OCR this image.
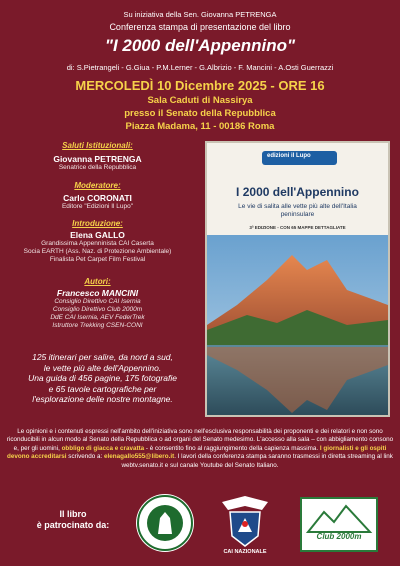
Su iniziativa della Sen. Giovanna PETRENGA
Conferenza stampa di presentazione del libro
"I 2000 dell'Appennino"
di: S.Pietrangeli - G.Giua - P.M.Lerner - G.Albrizio - F. Mancini - A.Osti Guerrazzi
MERCOLEDÌ 10 Dicembre 2025 - ORE 16
Sala Caduti di Nassirya
presso il Senato della Repubblica
Piazza Madama, 11 - 00186 Roma
Saluti Istituzionali:
Giovanna PETRENGA
Senatrice della Repubblica
Moderatore:
Carlo CORONATI
Editore "Edizioni Il Lupo"
Introduzione:
Elena GALLO
Grandissima Appenninista CAI Caserta
Socia EARTH (Ass. Naz. di Protezione Ambientale)
Finalista Pet Carpet Film Festival
Autori:
Francesco MANCINI
Consiglio Direttivo CAI Isernia
Consiglio Direttivo Club 2000m
DdE CAI Isernia, AEV FederTrek
Istruttore Trekking CSEN-CONI
edizioni il Lupo
I 2000 dell'Appennino
Le vie di salita alle vette più alte dell'Italia peninsulare
3ª EDIZIONE - CON 65 MAPPE DETTAGLIATE
125 itinerari per salire, da nord a sud,
le vette più alte dell'Appennino.
Una guida di 456 pagine, 175 fotografie
e 65 tavole cartografiche per
l'esplorazione delle nostre montagne.
Le opinioni e i contenuti espressi nell'ambito dell'iniziativa sono nell'esclusiva responsabilità dei proponenti e dei relatori e non sono riconducibili in alcun modo al Senato della Repubblica o ad organi del Senato medesimo. L'accesso alla sala – con abbigliamento consono e, per gli uomini, obbligo di giacca e cravatta - è consentito fino al raggiungimento della capienza massima. I giornalisti e gli ospiti devono accreditarsi scrivendo a: elenagallo555@libero.it. I lavori della conferenza stampa saranno trasmessi in diretta streaming al link webtv.senato.it e sul canale Youtube del Senato Italiano.
Il libro
è patrocinato da:
CAI NAZIONALE
Club 2000m
